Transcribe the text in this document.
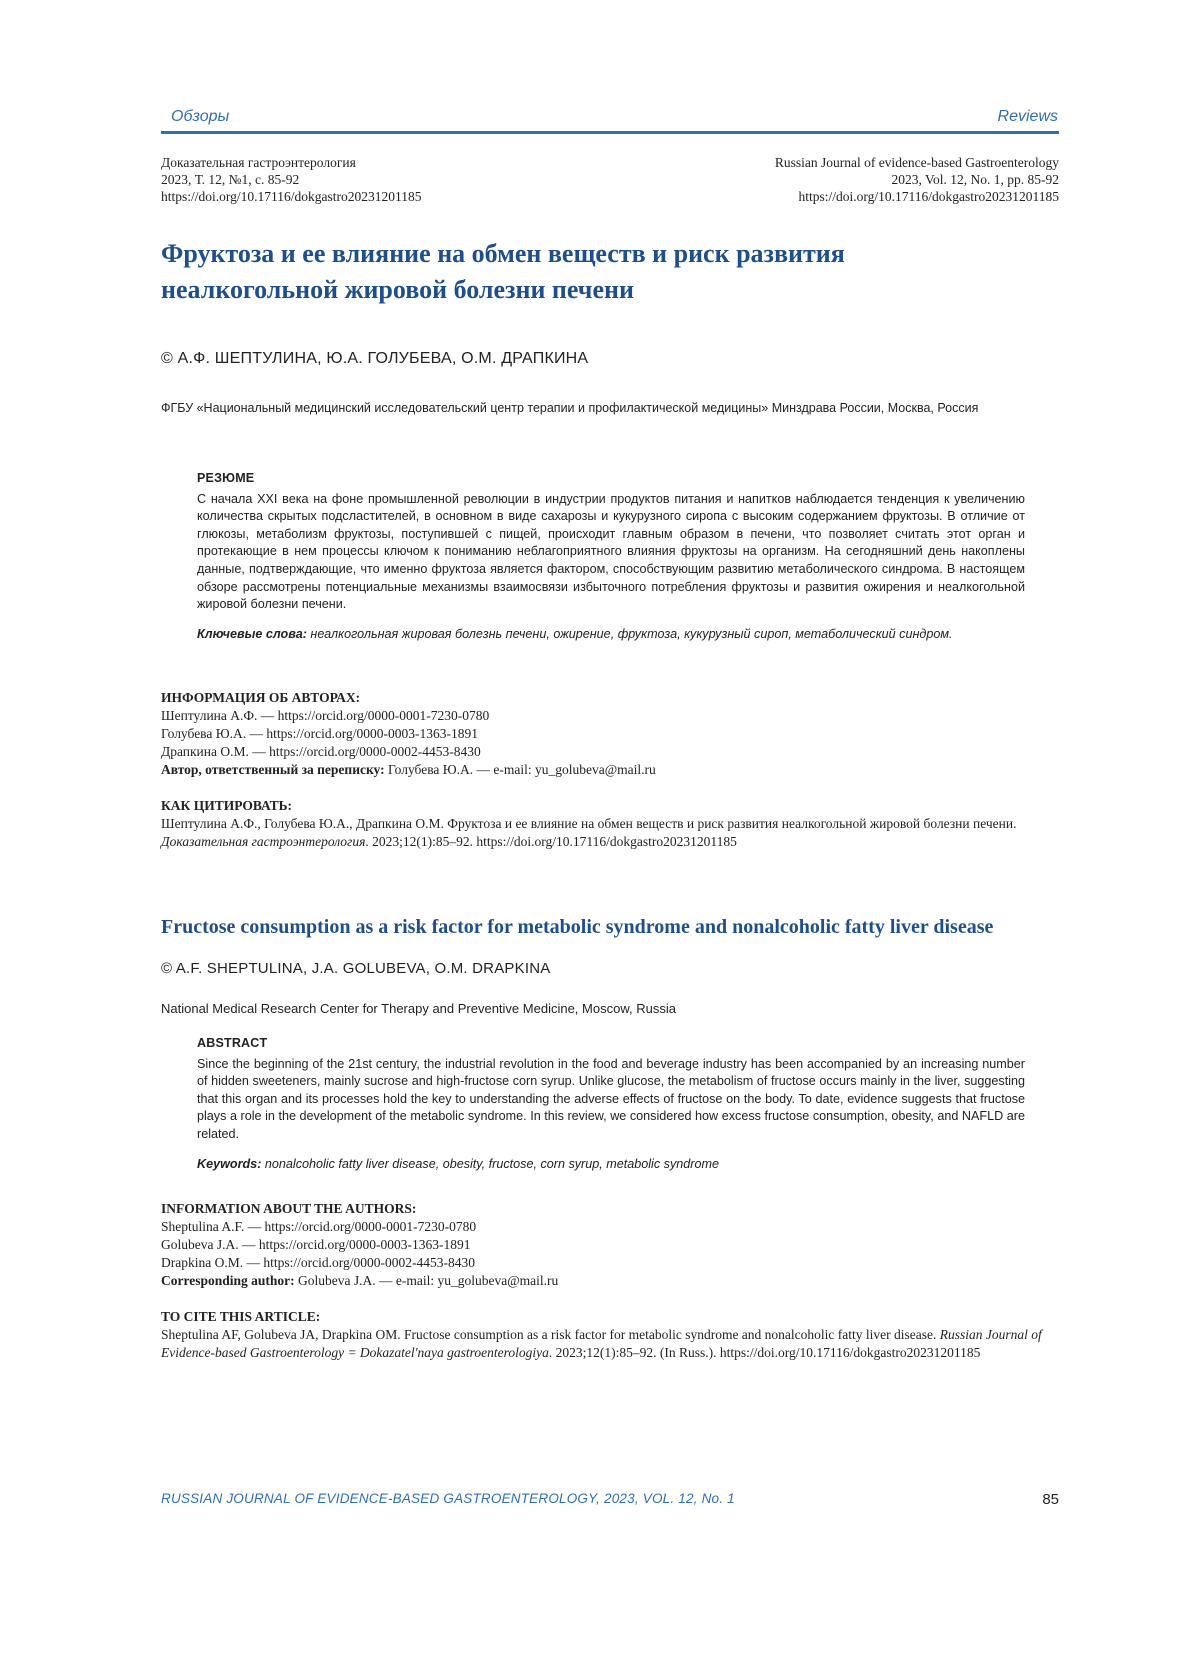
Обзоры	Reviews
Доказательная гастроэнтерология
2023, Т. 12, №1, с. 85-92
https://doi.org/10.17116/dokgastro20231201185
Russian Journal of evidence-based Gastroenterology
2023, Vol. 12, No. 1, pp. 85-92
https://doi.org/10.17116/dokgastro20231201185
Фруктоза и ее влияние на обмен веществ и риск развития неалкогольной жировой болезни печени
© А.Ф. ШЕПТУЛИНА, Ю.А. ГОЛУБЕВА, О.М. ДРАПКИНА
ФГБУ «Национальный медицинский исследовательский центр терапии и профилактической медицины» Минздрава России, Москва, Россия
РЕЗЮМЕ
С начала XXI века на фоне промышленной революции в индустрии продуктов питания и напитков наблюдается тенденция к увеличению количества скрытых подсластителей, в основном в виде сахарозы и кукурузного сиропа с высоким содержанием фруктозы. В отличие от глюкозы, метаболизм фруктозы, поступившей с пищей, происходит главным образом в печени, что позволяет считать этот орган и протекающие в нем процессы ключом к пониманию неблагоприятного влияния фруктозы на организм. На сегодняшний день накоплены данные, подтверждающие, что именно фруктоза является фактором, способствующим развитию метаболического синдрома. В настоящем обзоре рассмотрены потенциальные механизмы взаимосвязи избыточного потребления фруктозы и развития ожирения и неалкогольной жировой болезни печени.
Ключевые слова: неалкогольная жировая болезнь печени, ожирение, фруктоза, кукурузный сироп, метаболический синдром.
ИНФОРМАЦИЯ ОБ АВТОРАХ:
Шептулина А.Ф. — https://orcid.org/0000-0001-7230-0780
Голубева Ю.А. — https://orcid.org/0000-0003-1363-1891
Драпкина О.М. — https://orcid.org/0000-0002-4453-8430
Автор, ответственный за переписку: Голубева Ю.А. — e-mail: yu_golubeva@mail.ru
КАК ЦИТИРОВАТЬ:
Шептулина А.Ф., Голубева Ю.А., Драпкина О.М. Фруктоза и ее влияние на обмен веществ и риск развития неалкогольной жировой болезни печени. Доказательная гастроэнтерология. 2023;12(1):85–92. https://doi.org/10.17116/dokgastro20231201185
Fructose consumption as a risk factor for metabolic syndrome and nonalcoholic fatty liver disease
© A.F. SHEPTULINA, J.A. GOLUBEVA, O.M. DRAPKINA
National Medical Research Center for Therapy and Preventive Medicine, Moscow, Russia
ABSTRACT
Since the beginning of the 21st century, the industrial revolution in the food and beverage industry has been accompanied by an increasing number of hidden sweeteners, mainly sucrose and high-fructose corn syrup. Unlike glucose, the metabolism of fructose occurs mainly in the liver, suggesting that this organ and its processes hold the key to understanding the adverse effects of fructose on the body. To date, evidence suggests that fructose plays a role in the development of the metabolic syndrome. In this review, we considered how excess fructose consumption, obesity, and NAFLD are related.
Keywords: nonalcoholic fatty liver disease, obesity, fructose, corn syrup, metabolic syndrome
INFORMATION ABOUT THE AUTHORS:
Sheptulina A.F. — https://orcid.org/0000-0001-7230-0780
Golubeva J.A. — https://orcid.org/0000-0003-1363-1891
Drapkina O.M. — https://orcid.org/0000-0002-4453-8430
Corresponding author: Golubeva J.A. — e-mail: yu_golubeva@mail.ru
TO CITE THIS ARTICLE:
Sheptulina AF, Golubeva JA, Drapkina OM. Fructose consumption as a risk factor for metabolic syndrome and nonalcoholic fatty liver disease. Russian Journal of Evidence-based Gastroenterology = Dokazatel'naya gastroenterologiya. 2023;12(1):85–92. (In Russ.). https://doi.org/10.17116/dokgastro20231201185
RUSSIAN JOURNAL OF EVIDENCE-BASED GASTROENTEROLOGY, 2023, VOL. 12, No. 1	85
